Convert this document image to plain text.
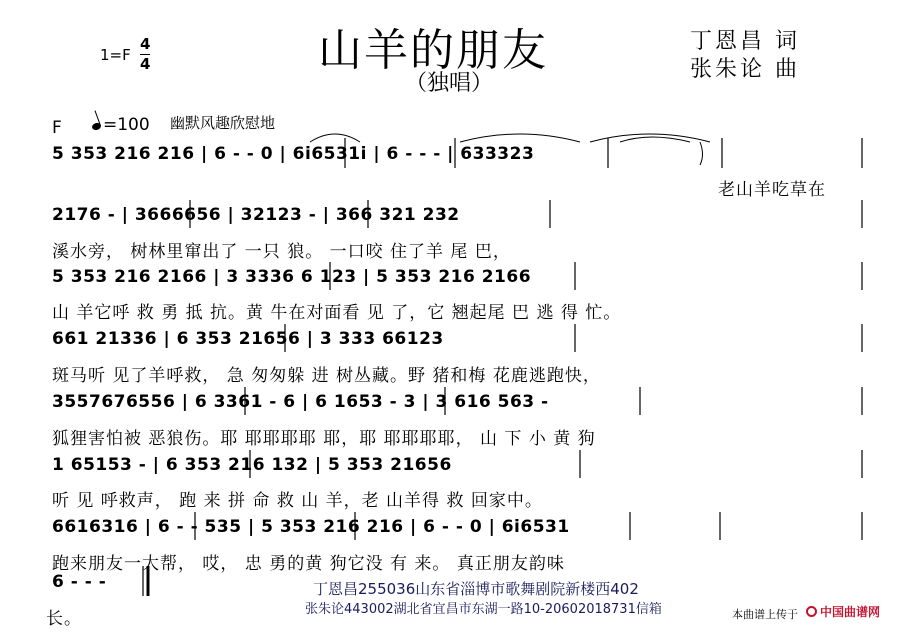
山羊的朋友
（独唱）
1=F
4
4
丁恩昌 词
张朱论 曲
F	=100 幽默风趣欣慰地
5 353 216 216 | 6 - - 0 | 6i6531i | 6 - - - | 633323
老山羊吃草在
2176 - | 3666656 | 32123 - | 366 321 232
溪水旁， 树林里窜出了 一只 狼。 一口咬 住了羊 尾 巴，
5 353 216 2166 | 3 3336 6 123 | 5 353 216 2166
山 羊它呼 救 勇 抵 抗。黄 牛在对面看 见 了，它 翘起尾 巴 逃 得 忙。
661 21336 | 6 353 21656 | 3 333 66123
斑马听 见了羊呼救， 急 匆匆躲 进 树丛藏。野 猪和梅 花鹿逃跑快，
3557676556 | 6 3361 - 6 | 6 1653 - 3 | 3 616 563 -
狐狸害怕被 恶狼伤。耶 耶耶耶耶 耶，耶 耶耶耶耶， 山 下 小 黄 狗
1 65153 - | 6 353 216 132 | 5 353 21656
听 见 呼救声， 跑 来 拼 命 救 山 羊，老 山羊得 救 回家中。
6616316 | 6 - - 535 | 5 353 216 216 | 6 - - 0 | 6i6531
跑来朋友一大帮， 哎， 忠 勇的黄 狗它没 有 来。 真正朋友韵味
6 - - -
长。
丁恩昌255036山东省淄博市歌舞剧院新楼西402
张朱论443002湖北省宜昌市东湖一路10-20602018731信箱	本曲谱上传于 中国曲谱网
